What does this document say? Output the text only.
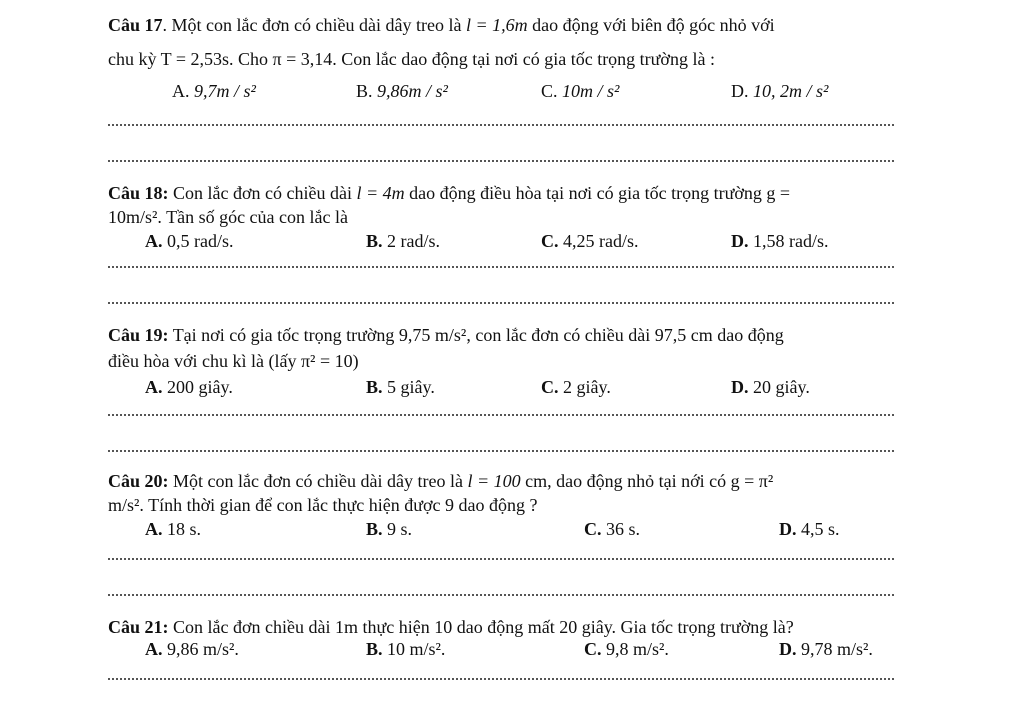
Câu 17. Một con lắc đơn có chiều dài dây treo là l = 1,6m dao động với biên độ góc nhỏ với
chu kỳ T = 2,53s. Cho π = 3,14. Con lắc dao động tại nơi có gia tốc trọng trường là :
A. 9,7m / s²	B. 9,86m / s²	C. 10m / s²	D. 10, 2m / s²
Câu 18: Con lắc đơn có chiều dài l = 4m dao động điều hòa tại nơi có gia tốc trọng trường g =
10m/s². Tần số góc của con lắc là
A. 0,5 rad/s.	B. 2 rad/s.	C. 4,25 rad/s.	D. 1,58 rad/s.
Câu 19: Tại nơi có gia tốc trọng trường 9,75 m/s², con lắc đơn có chiều dài 97,5 cm dao động
điều hòa với chu kì là (lấy π² = 10)
A. 200 giây.	B. 5 giây.	C. 2 giây.	D. 20 giây.
Câu 20: Một con lắc đơn có chiều dài dây treo là l = 100 cm, dao động nhỏ tại nới có g = π²
m/s². Tính thời gian để con lắc thực hiện được 9 dao động ?
A. 18 s.	B. 9 s.	C. 36 s.	D. 4,5 s.
Câu 21: Con lắc đơn chiều dài 1m thực hiện 10 dao động mất 20 giây. Gia tốc trọng trường là?
A. 9,86 m/s².	B. 10 m/s².	C. 9,8 m/s².	D. 9,78 m/s².
